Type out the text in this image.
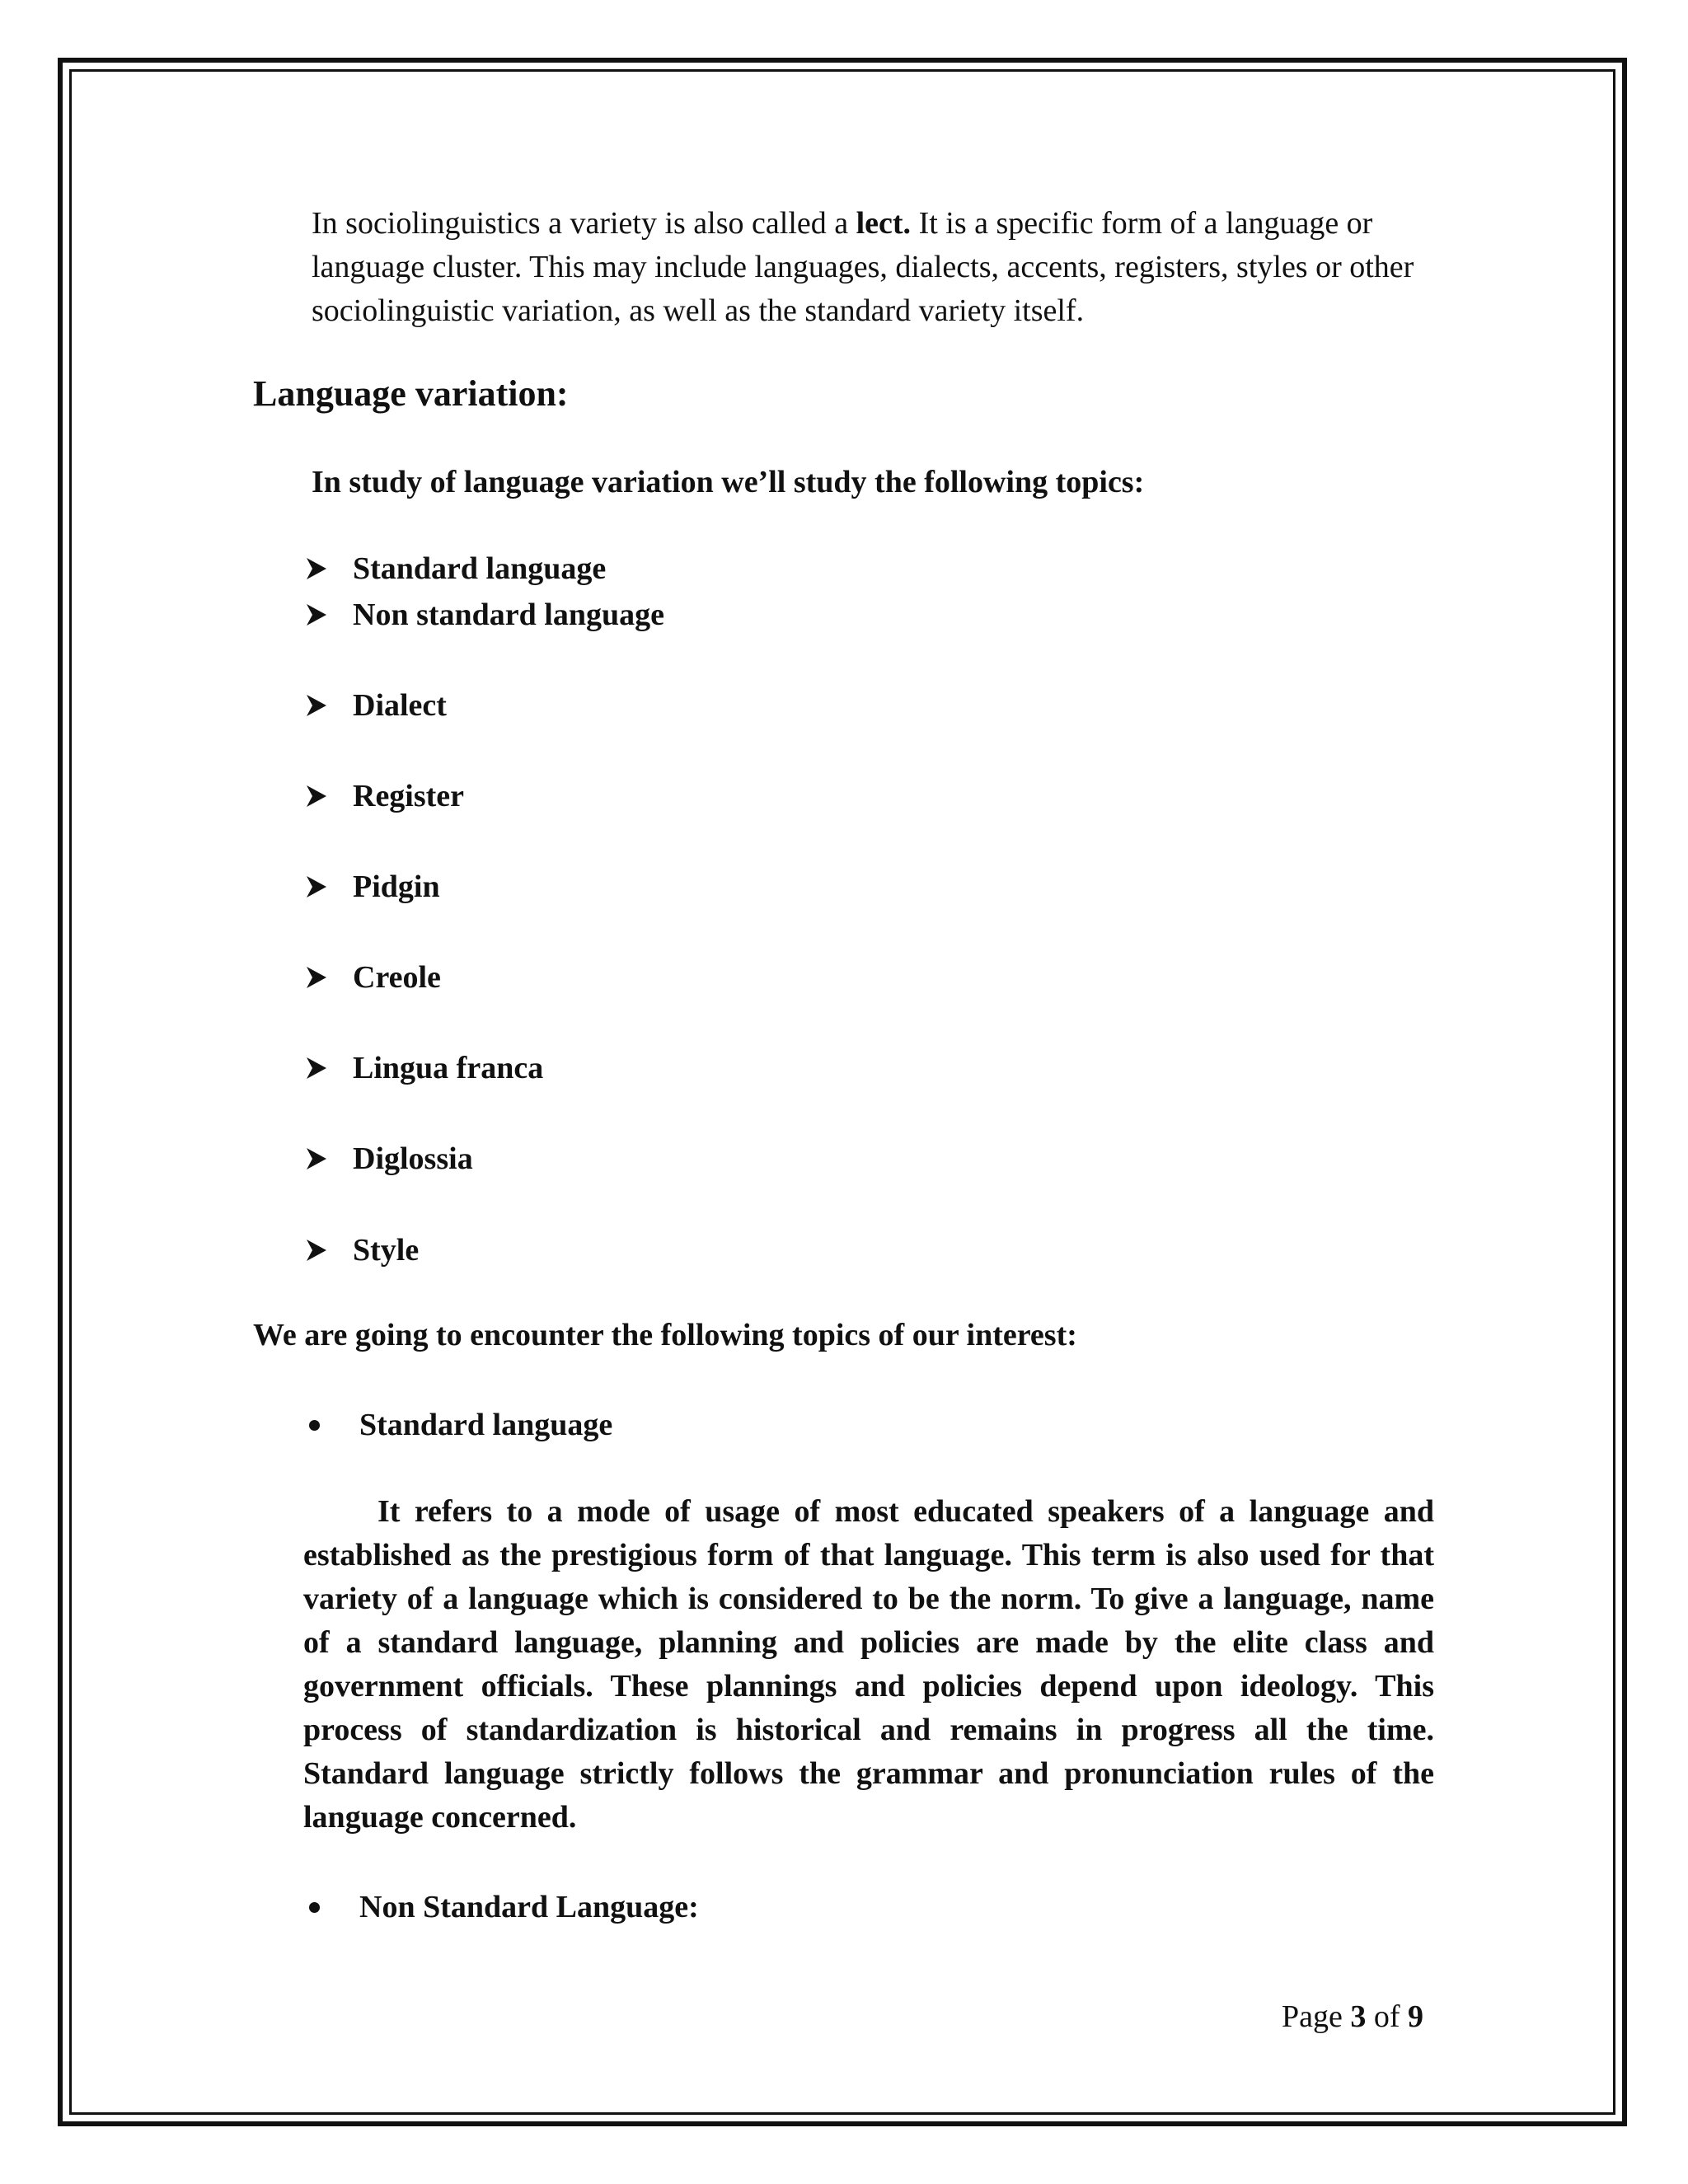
In sociolinguistics a variety is also called a lect. It is a specific form of a language or language cluster. This may include languages, dialects, accents, registers, styles or other sociolinguistic variation, as well as the standard variety itself.

Language variation:

In study of language variation we’ll study the following topics:

Standard language
Non standard language
Dialect
Register
Pidgin
Creole
Lingua franca
Diglossia
Style

We are going to encounter the following topics of our interest:

Standard language

It refers to a mode of usage of most educated speakers of a language and established as the prestigious form of that language. This term is also used for that variety of a language which is considered to be the norm. To give a language, name of a standard language, planning and policies are made by the elite class and government officials. These plannings and policies depend upon ideology. This process of standardization is historical and remains in progress all the time. Standard language strictly follows the grammar and pronunciation rules of the language concerned.

Non Standard Language:

Page 3 of 9
